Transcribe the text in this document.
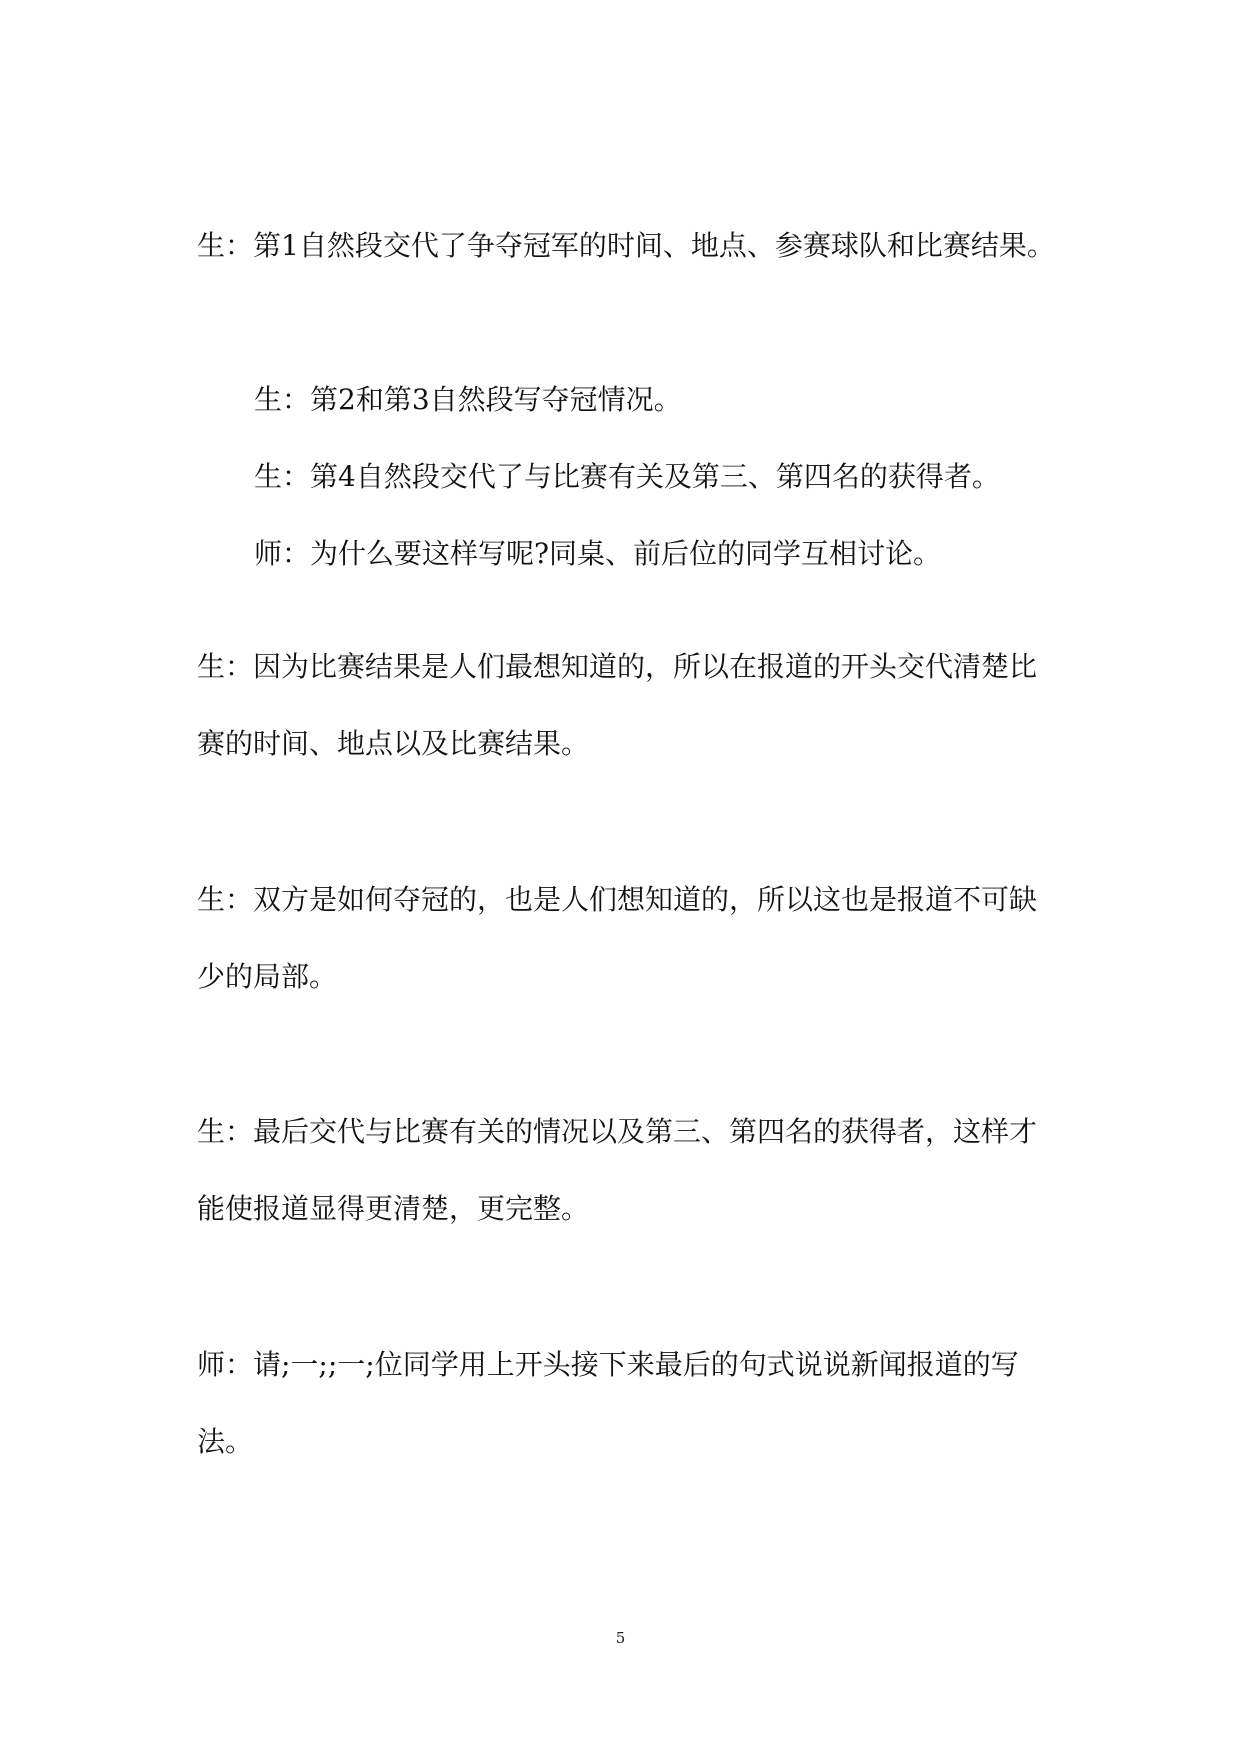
生：第1自然段交代了争夺冠军的时间、地点、参赛球队和比赛结果。

生：第2和第3自然段写夺冠情况。

生：第4自然段交代了与比赛有关及第三、第四名的获得者。

师：为什么要这样写呢?同桌、前后位的同学互相讨论。

生：因为比赛结果是人们最想知道的，所以在报道的开头交代清楚比赛的时间、地点以及比赛结果。

生：双方是如何夺冠的，也是人们想知道的，所以这也是报道不可缺少的局部。

生：最后交代与比赛有关的情况以及第三、第四名的获得者，这样才能使报道显得更清楚，更完整。

师：请;一;;一;位同学用上开头接下来最后的句式说说新闻报道的写法。

5
